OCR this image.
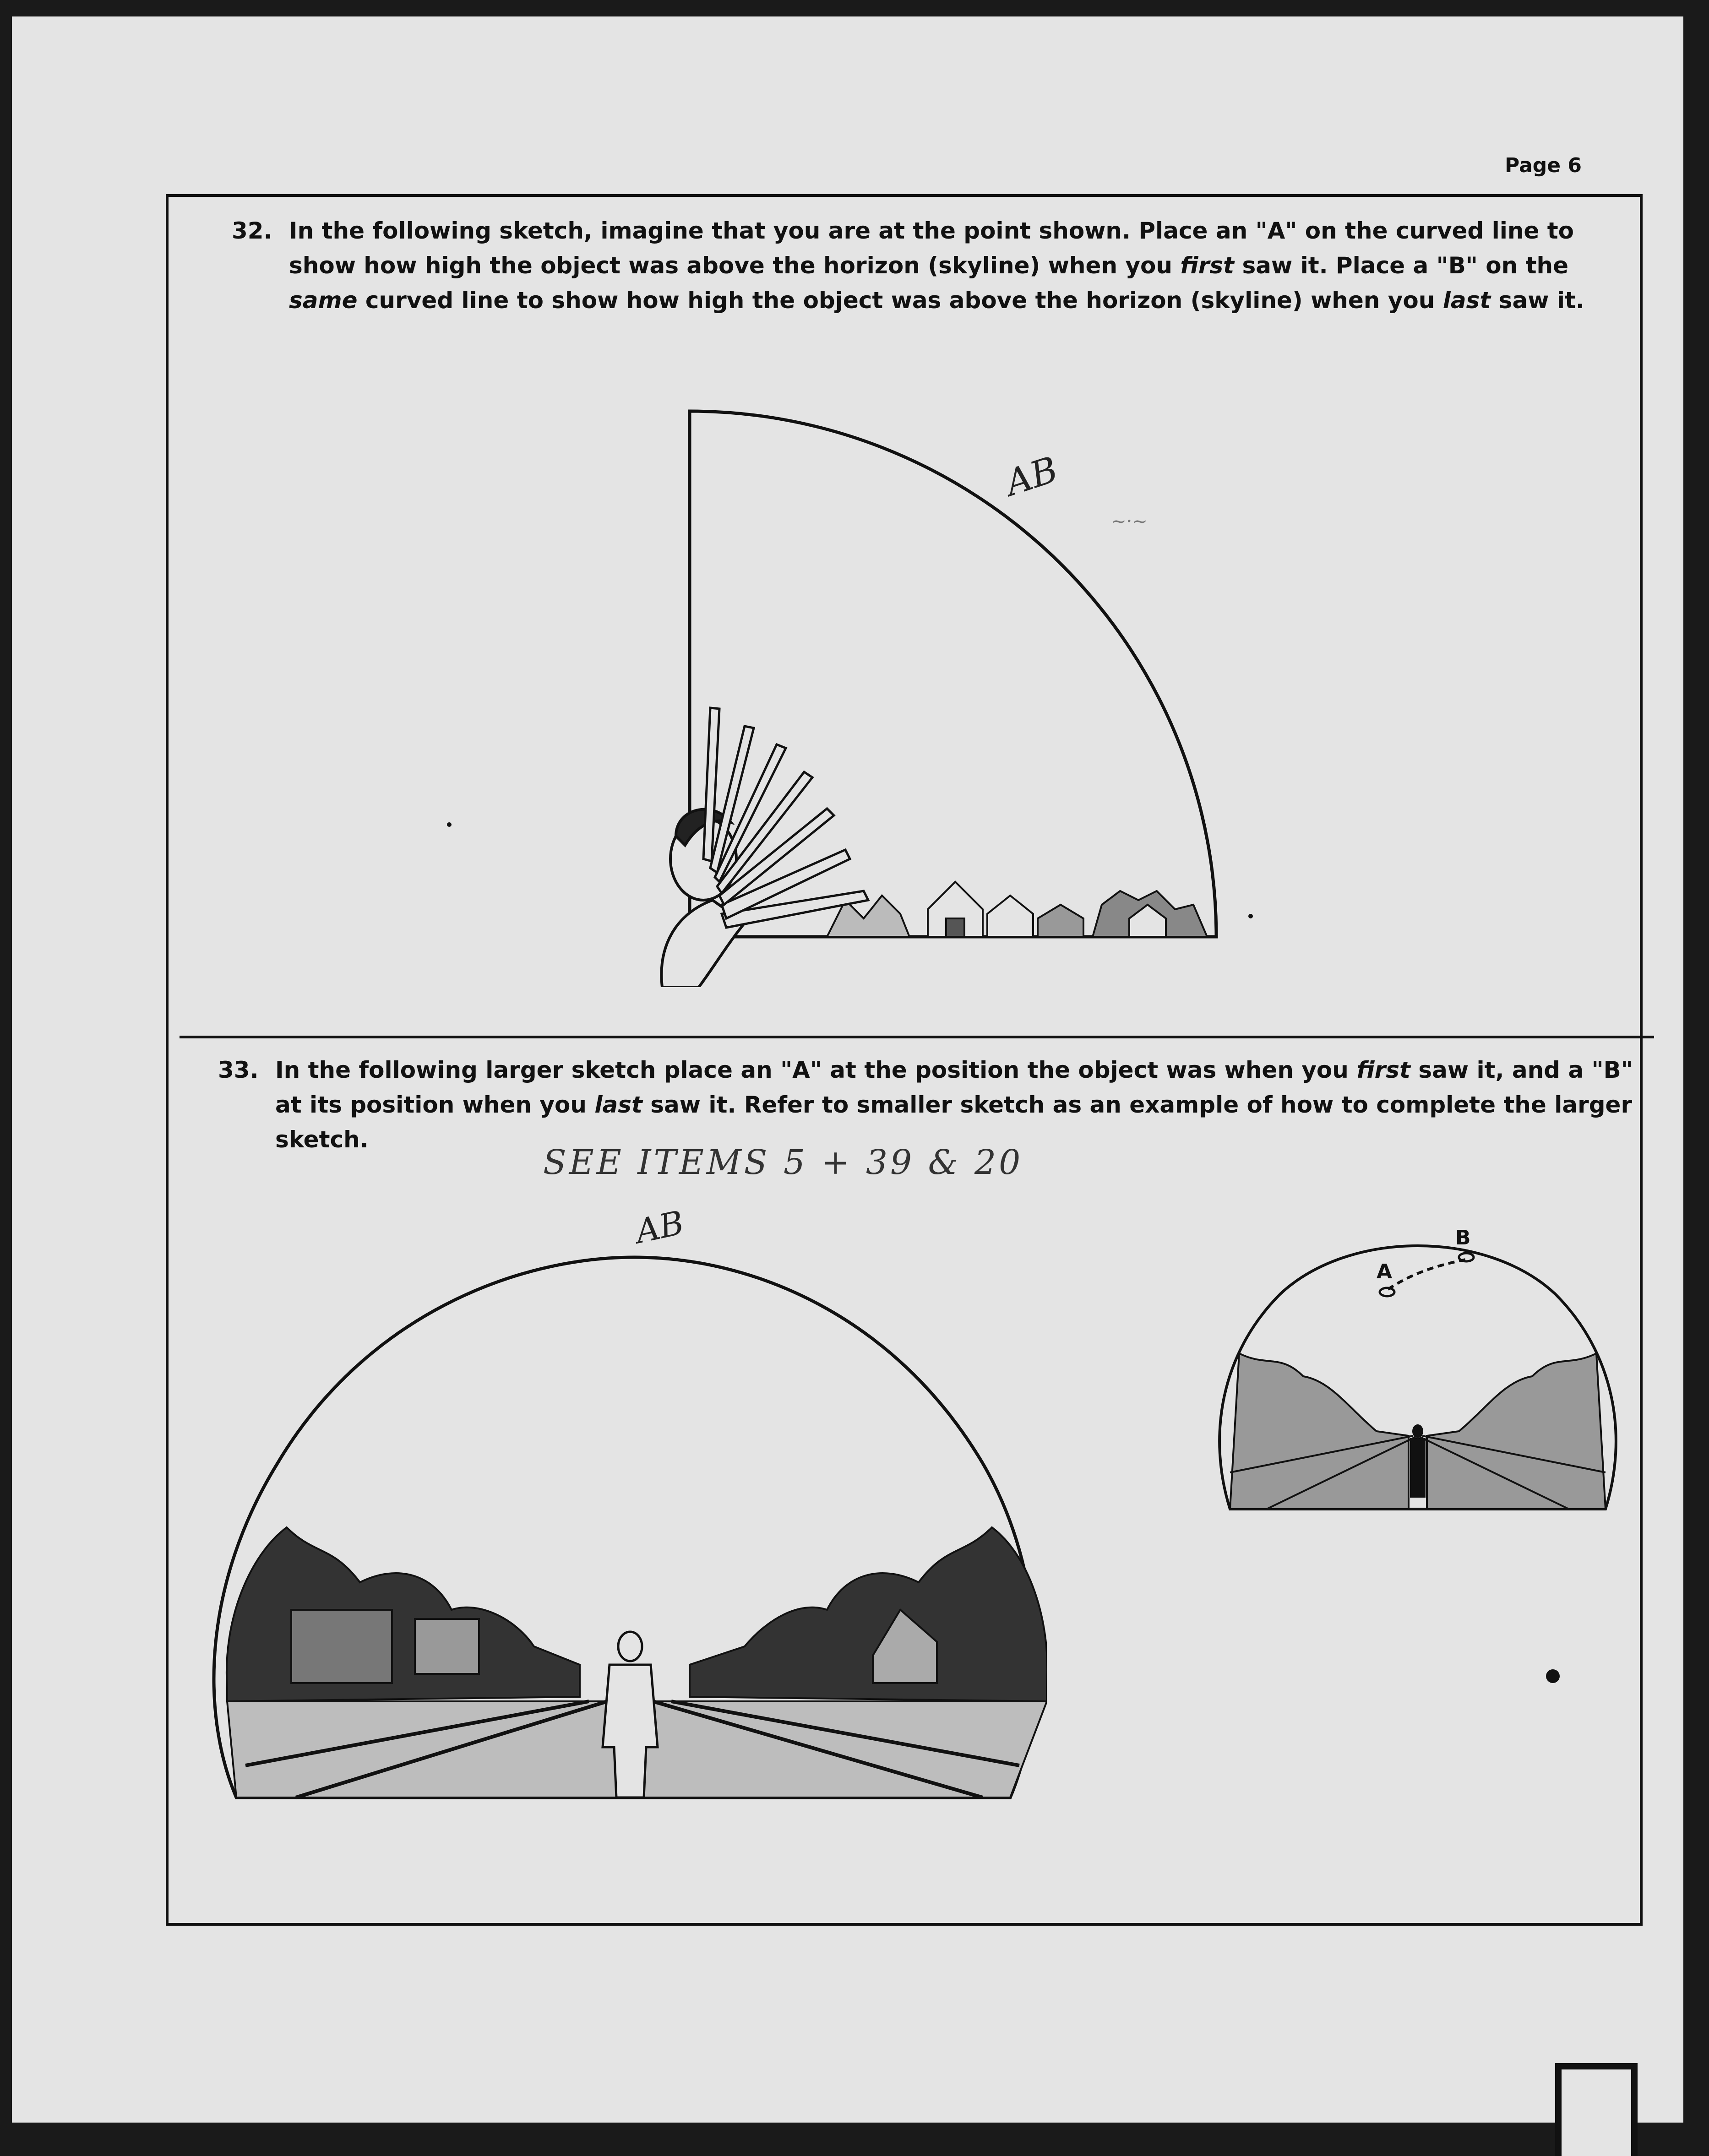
Page 6
32. In the following sketch, imagine that you are at the point shown. Place an "A" on the curved line to show how high the object was above the horizon (skyline) when you first saw it. Place a "B" on the same curved line to show how high the object was above the horizon (skyline) when you last saw it.

AB
~·~
33. In the following larger sketch place an "A" at the position the object was when you first saw it, and a "B" at its position when you last saw it. Refer to smaller sketch as an example of how to complete the larger sketch.

SEE ITEMS 5 + 39 & 20
AB
A
B
